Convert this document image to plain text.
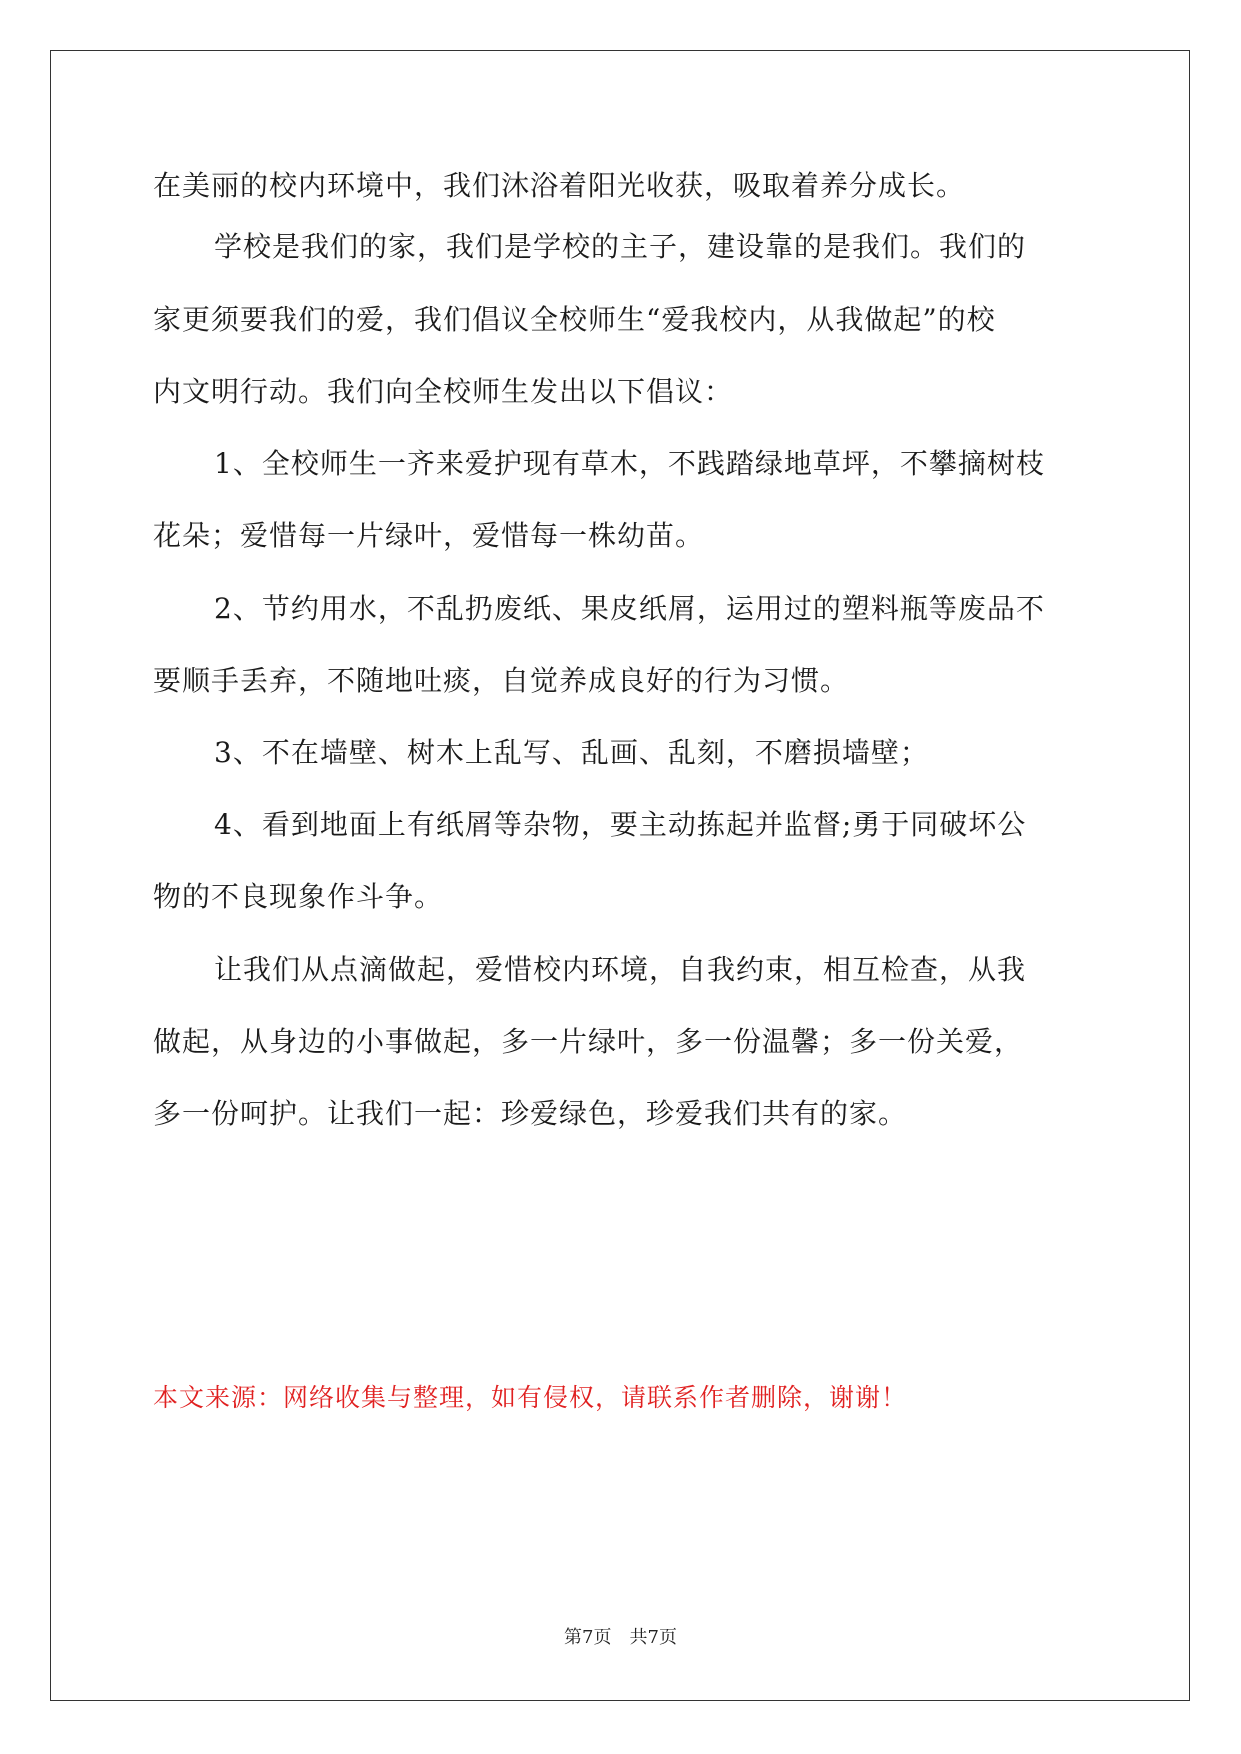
在美丽的校内环境中，我们沐浴着阳光收获，吸取着养分成长。
学校是我们的家，我们是学校的主子，建设靠的是我们。我们的
家更须要我们的爱，我们倡议全校师生“爱我校内，从我做起”的校
内文明行动。我们向全校师生发出以下倡议：
1、全校师生一齐来爱护现有草木，不践踏绿地草坪，不攀摘树枝
花朵；爱惜每一片绿叶，爱惜每一株幼苗。
2、节约用水，不乱扔废纸、果皮纸屑，运用过的塑料瓶等废品不
要顺手丢弃，不随地吐痰，自觉养成良好的行为习惯。
3、不在墙壁、树木上乱写、乱画、乱刻，不磨损墙壁；
4、看到地面上有纸屑等杂物，要主动拣起并监督;勇于同破坏公
物的不良现象作斗争。
让我们从点滴做起，爱惜校内环境，自我约束，相互检查，从我
做起，从身边的小事做起，多一片绿叶，多一份温馨；多一份关爱，
多一份呵护。让我们一起：珍爱绿色，珍爱我们共有的家。
本文来源：网络收集与整理，如有侵权，请联系作者删除，谢谢！
第7页　共7页
